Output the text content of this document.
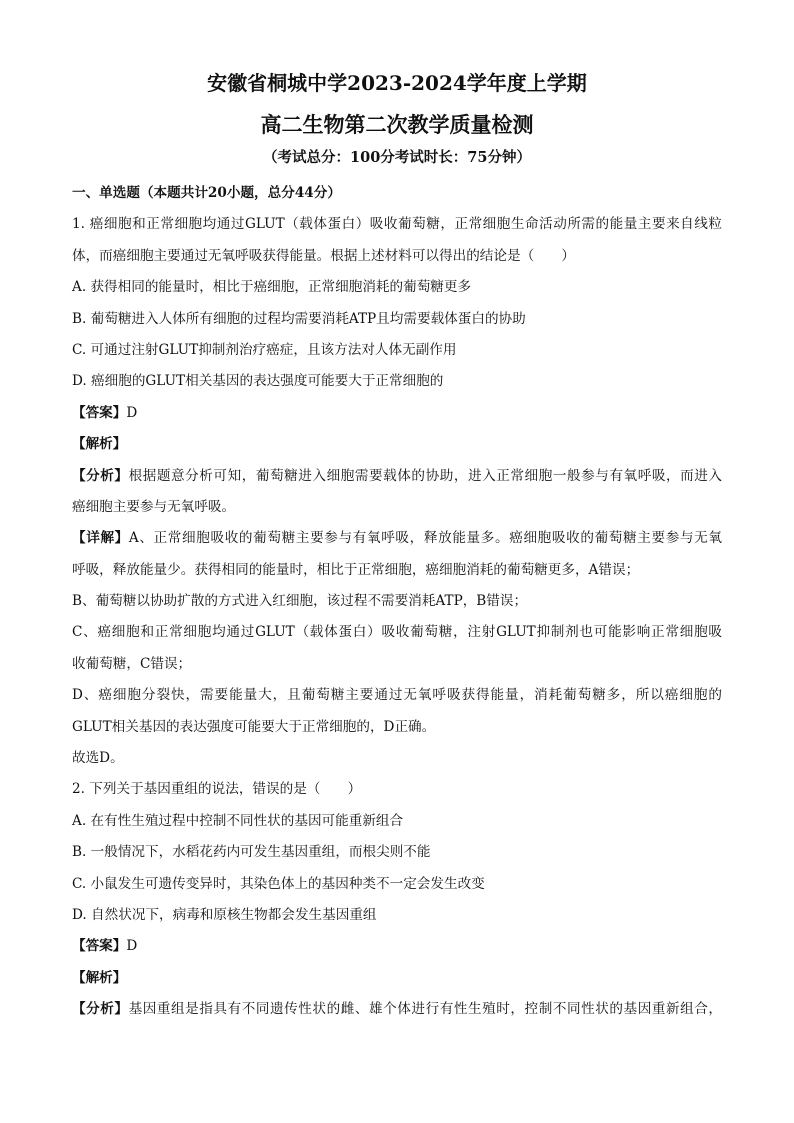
安徽省桐城中学2023-2024学年度上学期
高二生物第二次教学质量检测
（考试总分：100分考试时长：75分钟）
一、单选题（本题共计20小题，总分44分）
1. 癌细胞和正常细胞均通过GLUT（载体蛋白）吸收葡萄糖，正常细胞生命活动所需的能量主要来自线粒
体，而癌细胞主要通过无氧呼吸获得能量。根据上述材料可以得出的结论是（　　）
A. 获得相同的能量时，相比于癌细胞，正常细胞消耗的葡萄糖更多
B. 葡萄糖进入人体所有细胞的过程均需要消耗ATP且均需要载体蛋白的协助
C. 可通过注射GLUT抑制剂治疗癌症，且该方法对人体无副作用
D. 癌细胞的GLUT相关基因的表达强度可能要大于正常细胞的
【答案】D
【解析】
【分析】根据题意分析可知，葡萄糖进入细胞需要载体的协助，进入正常细胞一般参与有氧呼吸，而进入
癌细胞主要参与无氧呼吸。
【详解】A、正常细胞吸收的葡萄糖主要参与有氧呼吸，释放能量多。癌细胞吸收的葡萄糖主要参与无氧
呼吸，释放能量少。获得相同的能量时，相比于正常细胞，癌细胞消耗的葡萄糖更多，A错误；
B、葡萄糖以协助扩散的方式进入红细胞，该过程不需要消耗ATP，B错误；
C、癌细胞和正常细胞均通过GLUT（载体蛋白）吸收葡萄糖，注射GLUT抑制剂也可能影响正常细胞吸
收葡萄糖，C错误；
D、癌细胞分裂快，需要能量大，且葡萄糖主要通过无氧呼吸获得能量，消耗葡萄糖多，所以癌细胞的
GLUT相关基因的表达强度可能要大于正常细胞的，D正确。
故选D。
2. 下列关于基因重组的说法，错误的是（　　）
A. 在有性生殖过程中控制不同性状的基因可能重新组合
B. 一般情况下，水稻花药内可发生基因重组，而根尖则不能
C. 小鼠发生可遗传变异时，其染色体上的基因种类不一定会发生改变
D. 自然状况下，病毒和原核生物都会发生基因重组
【答案】D
【解析】
【分析】基因重组是指具有不同遗传性状的雌、雄个体进行有性生殖时，控制不同性状的基因重新组合，
